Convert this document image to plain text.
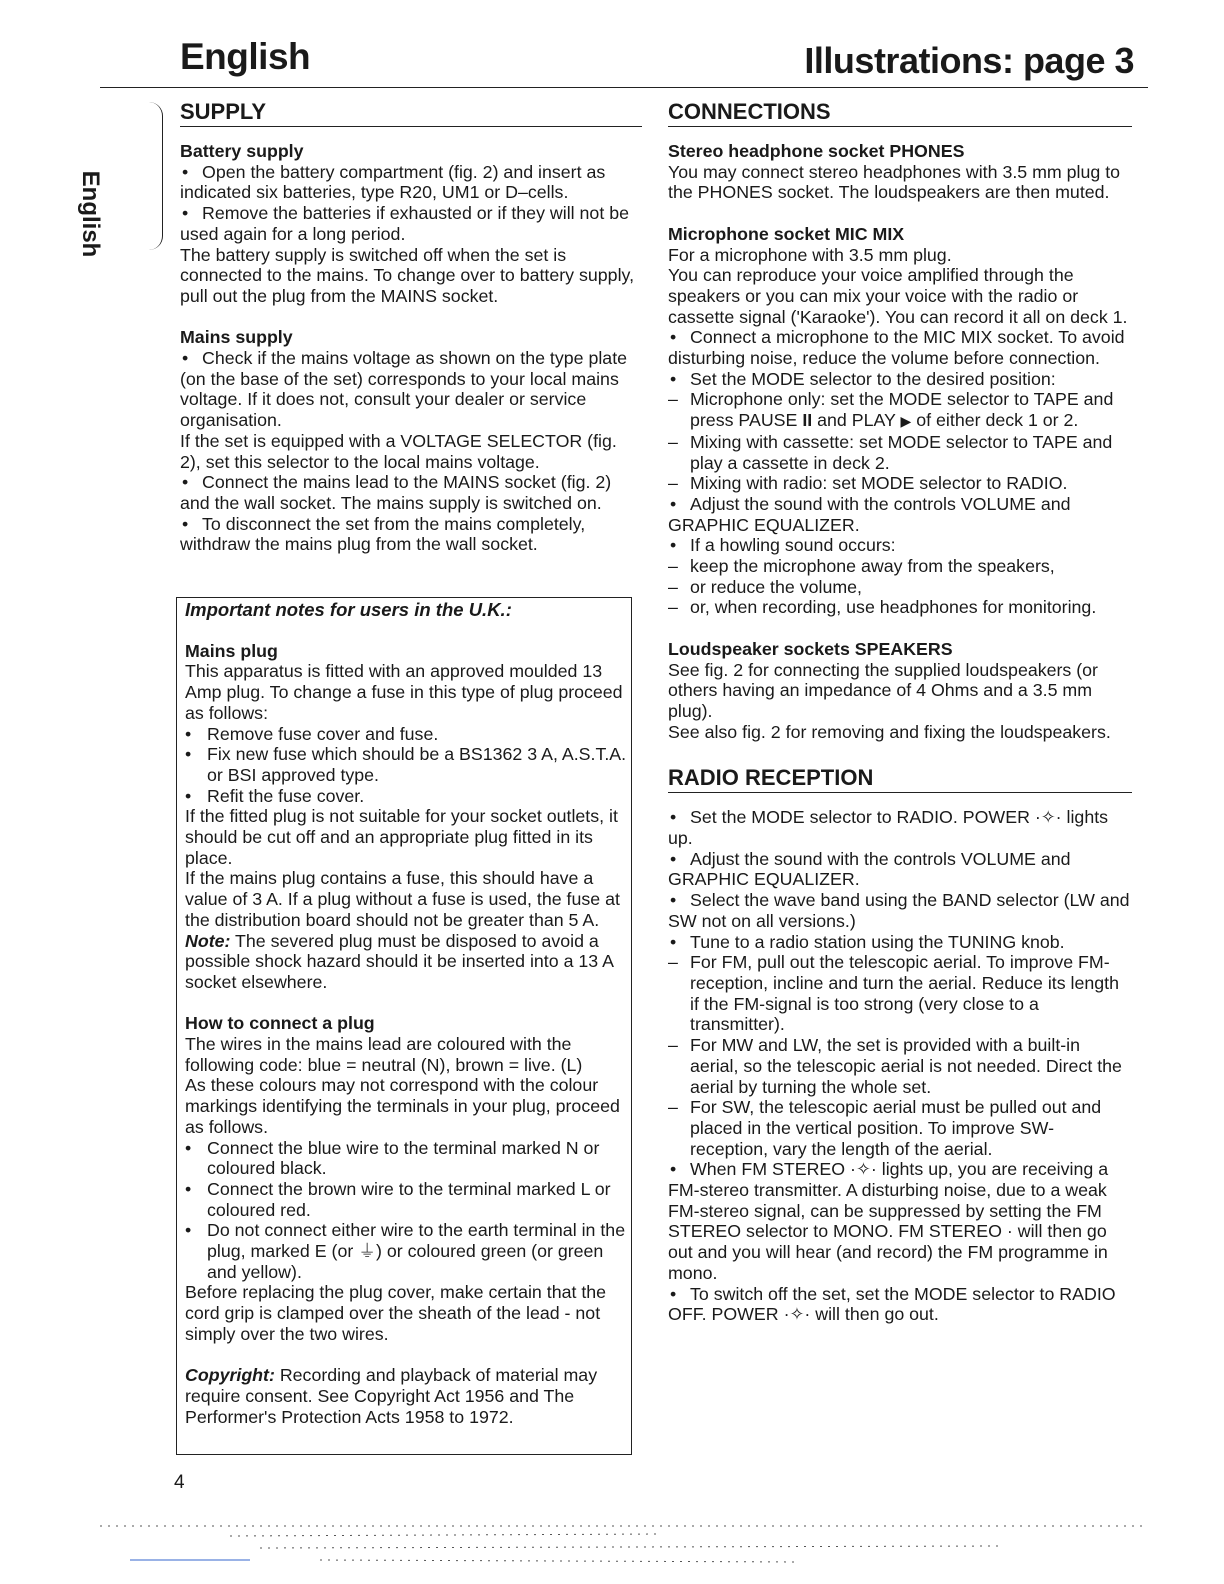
English	Illustrations: page 3
English
SUPPLY

Battery supply

• Open the battery compartment (fig. 2) and insert as indicated six batteries, type R20, UM1 or D–cells.

• Remove the batteries if exhausted or if they will not be used again for a long period.

The battery supply is switched off when the set is connected to the mains. To change over to battery supply, pull out the plug from the MAINS socket.

Mains supply

• Check if the mains voltage as shown on the type plate (on the base of the set) corresponds to your local mains voltage. If it does not, consult your dealer or service organisation.

If the set is equipped with a VOLTAGE SELECTOR (fig. 2), set this selector to the local mains voltage.

• Connect the mains lead to the MAINS socket (fig. 2) and the wall socket. The mains supply is switched on.

• To disconnect the set from the mains completely, withdraw the mains plug from the wall socket.

Important notes for users in the U.K.:

Mains plug

This apparatus is fitted with an approved moulded 13 Amp plug. To change a fuse in this type of plug proceed as follows:

• Remove fuse cover and fuse.

• Fix new fuse which should be a BS1362 3 A, A.S.T.A. or BSI approved type.

• Refit the fuse cover.

If the fitted plug is not suitable for your socket outlets, it should be cut off and an appropriate plug fitted in its place.

If the mains plug contains a fuse, this should have a value of 3 A. If a plug without a fuse is used, the fuse at the distribution board should not be greater than 5 A.

Note: The severed plug must be disposed to avoid a possible shock hazard should it be inserted into a 13 A socket elsewhere.

How to connect a plug

The wires in the mains lead are coloured with the following code: blue = neutral (N), brown = live. (L)

As these colours may not correspond with the colour markings identifying the terminals in your plug, proceed as follows.

• Connect the blue wire to the terminal marked N or coloured black.

• Connect the brown wire to the terminal marked L or coloured red.

• Do not connect either wire to the earth terminal in the plug, marked E (or ⏚) or coloured green (or green and yellow).

Before replacing the plug cover, make certain that the cord grip is clamped over the sheath of the lead - not simply over the two wires.

Copyright: Recording and playback of material may require consent. See Copyright Act 1956 and The Performer's Protection Acts 1958 to 1972.

CONNECTIONS

Stereo headphone socket PHONES

You may connect stereo headphones with 3.5 mm plug to the PHONES socket. The loudspeakers are then muted.

Microphone socket MIC MIX

For a microphone with 3.5 mm plug.

You can reproduce your voice amplified through the speakers or you can mix your voice with the radio or cassette signal ('Karaoke'). You can record it all on deck 1.

• Connect a microphone to the MIC MIX socket. To avoid disturbing noise, reduce the volume before connection.

• Set the MODE selector to the desired position:

– Microphone only: set the MODE selector to TAPE and press PAUSE II and PLAY ▶ of either deck 1 or 2.

– Mixing with cassette: set MODE selector to TAPE and play a cassette in deck 2.

– Mixing with radio: set MODE selector to RADIO.

• Adjust the sound with the controls VOLUME and GRAPHIC EQUALIZER.

• If a howling sound occurs:

– keep the microphone away from the speakers,

– or reduce the volume,

– or, when recording, use headphones for monitoring.

Loudspeaker sockets SPEAKERS

See fig. 2 for connecting the supplied loudspeakers (or others having an impedance of 4 Ohms and a 3.5 mm plug).

See also fig. 2 for removing and fixing the loudspeakers.

RADIO RECEPTION

• Set the MODE selector to RADIO. POWER ·✧· lights up.

• Adjust the sound with the controls VOLUME and GRAPHIC EQUALIZER.

• Select the wave band using the BAND selector (LW and SW not on all versions.)

• Tune to a radio station using the TUNING knob.

– For FM, pull out the telescopic aerial. To improve FM-reception, incline and turn the aerial. Reduce its length if the FM-signal is too strong (very close to a transmitter).

– For MW and LW, the set is provided with a built-in aerial, so the telescopic aerial is not needed. Direct the aerial by turning the whole set.

– For SW, the telescopic aerial must be pulled out and placed in the vertical position. To improve SW-reception, vary the length of the aerial.

• When FM STEREO ·✧· lights up, you are receiving a FM-stereo transmitter. A disturbing noise, due to a weak FM-stereo signal, can be suppressed by setting the FM STEREO selector to MONO. FM STEREO · will then go out and you will hear (and record) the FM programme in mono.

• To switch off the set, set the MODE selector to RADIO OFF. POWER ·✧· will then go out.

4
